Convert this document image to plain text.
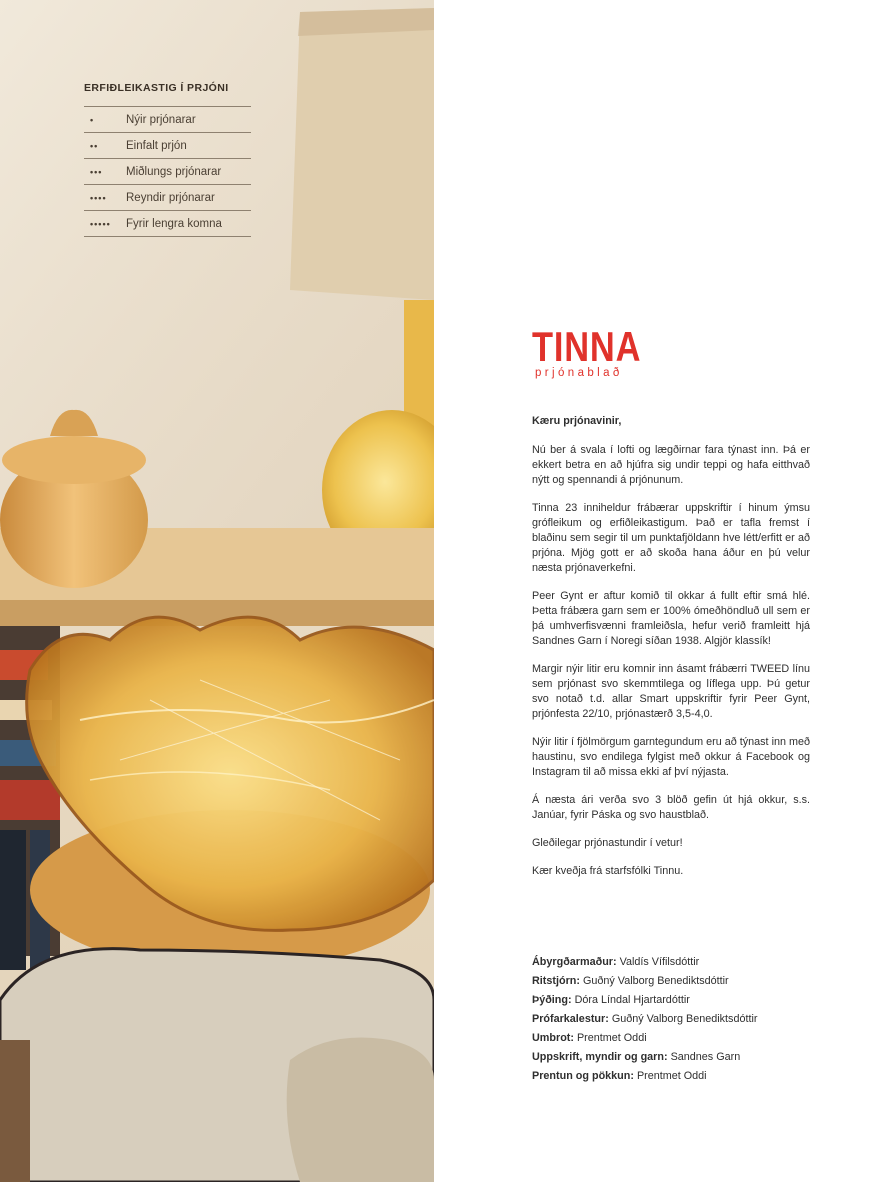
ERFIÐLEIKASTIG Í PRJÓNI
•	Nýir prjónarar
••	Einfalt prjón
•••	Miðlungs prjónarar
••••	Reyndir prjónarar
•••••	Fyrir lengra komna
TINNA
prjónablað

Kæru prjónavinir,

Nú ber á svala í lofti og lægðirnar fara týnast inn. Þá er ekkert betra en að hjúfra sig undir teppi og hafa eitthvað nýtt og spennandi á prjónunum.

Tinna 23 inniheldur frábærar uppskriftir í hinum ýmsu grófleikum og erfiðleikastigum. Það er tafla fremst í blaðinu sem segir til um punktafjöldann hve létt/erfitt er að prjóna. Mjög gott er að skoða hana áður en þú velur næsta prjónaverkefni.

Peer Gynt er aftur komið til okkar á fullt eftir smá hlé. Þetta frábæra garn sem er 100% ómeðhöndluð ull sem er þá umhverfisvænni framleiðsla, hefur verið framleitt hjá Sandnes Garn í Noregi síðan 1938. Algjör klassík!

Margir nýir litir eru komnir inn ásamt frábærri TWEED línu sem prjónast svo skemmtilega og líflega upp. Þú getur svo notað t.d. allar Smart uppskriftir fyrir Peer Gynt, prjónfesta 22/10, prjónastærð 3,5-4,0.

Nýir litir í fjölmörgum garntegundum eru að týnast inn með haustinu, svo endilega fylgist með okkur á Facebook og Instagram til að missa ekki af því nýjasta.

Á næsta ári verða svo 3 blöð gefin út hjá okkur, s.s. Janúar, fyrir Páska og svo haustblað.

Gleðilegar prjónastundir í vetur!

Kær kveðja frá starfsfólki Tinnu.

Ábyrgðarmaður: Valdís Vífilsdóttir
Ritstjórn: Guðný Valborg Benediktsdóttir
Þýðing: Dóra Líndal Hjartardóttir
Prófarkalestur: Guðný Valborg Benediktsdóttir
Umbrot: Prentmet Oddi
Uppskrift, myndir og garn: Sandnes Garn
Prentun og pökkun: Prentmet Oddi
